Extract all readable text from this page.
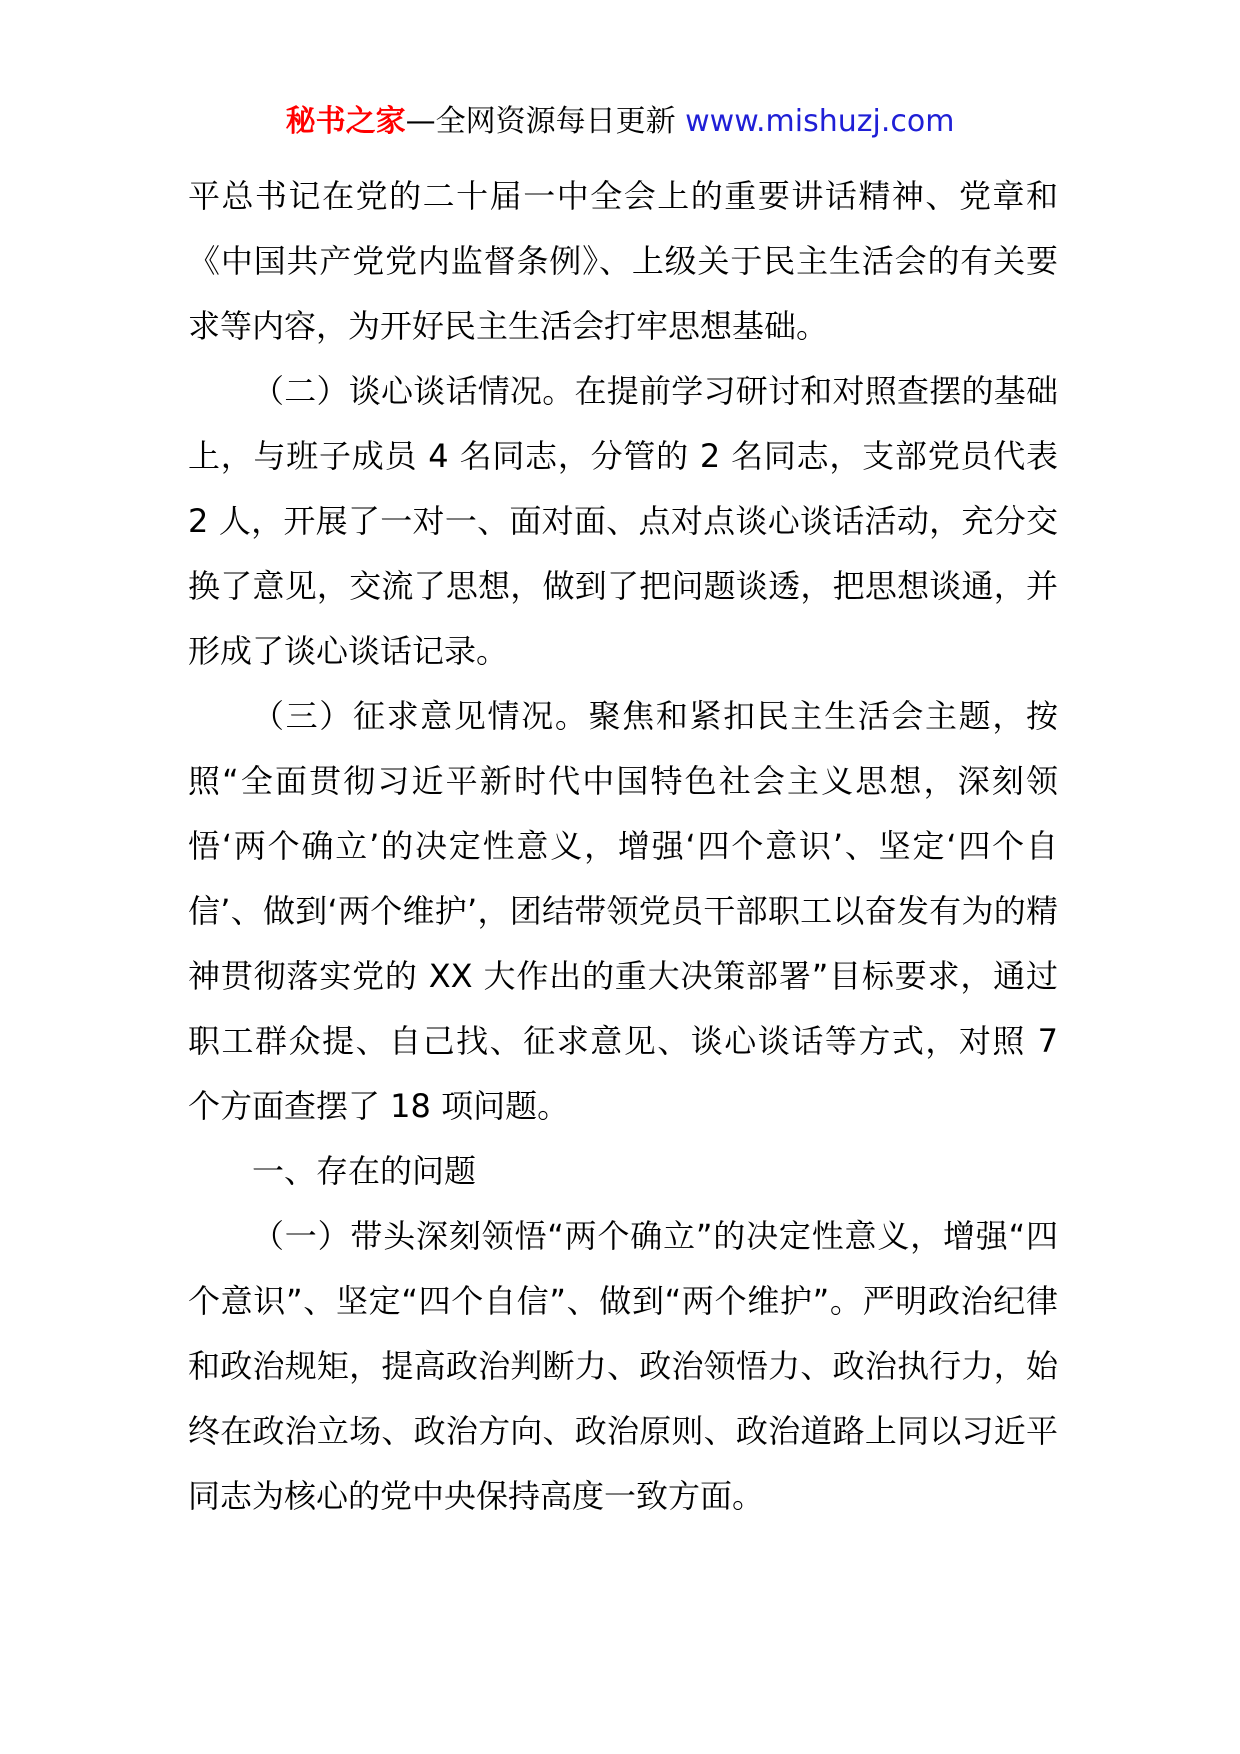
秘书之家—全网资源每日更新 www.mishuzj.com

平总书记在党的二十届一中全会上的重要讲话精神、党章和《中国共产党党内监督条例》、上级关于民主生活会的有关要求等内容，为开好民主生活会打牢思想基础。

（二）谈心谈话情况。在提前学习研讨和对照查摆的基础上，与班子成员 4 名同志，分管的 2 名同志，支部党员代表 2 人，开展了一对一、面对面、点对点谈心谈话活动，充分交换了意见，交流了思想，做到了把问题谈透，把思想谈通，并形成了谈心谈话记录。

（三）征求意见情况。聚焦和紧扣民主生活会主题，按照“全面贯彻习近平新时代中国特色社会主义思想，深刻领悟‘两个确立’的决定性意义，增强‘四个意识’、坚定‘四个自信’、做到‘两个维护’，团结带领党员干部职工以奋发有为的精神贯彻落实党的 XX 大作出的重大决策部署”目标要求，通过职工群众提、自己找、征求意见、谈心谈话等方式，对照 7 个方面查摆了 18 项问题。

一、存在的问题

（一）带头深刻领悟“两个确立”的决定性意义，增强“四个意识”、坚定“四个自信”、做到“两个维护”。严明政治纪律和政治规矩，提高政治判断力、政治领悟力、政治执行力，始终在政治立场、政治方向、政治原则、政治道路上同以习近平同志为核心的党中央保持高度一致方面。
